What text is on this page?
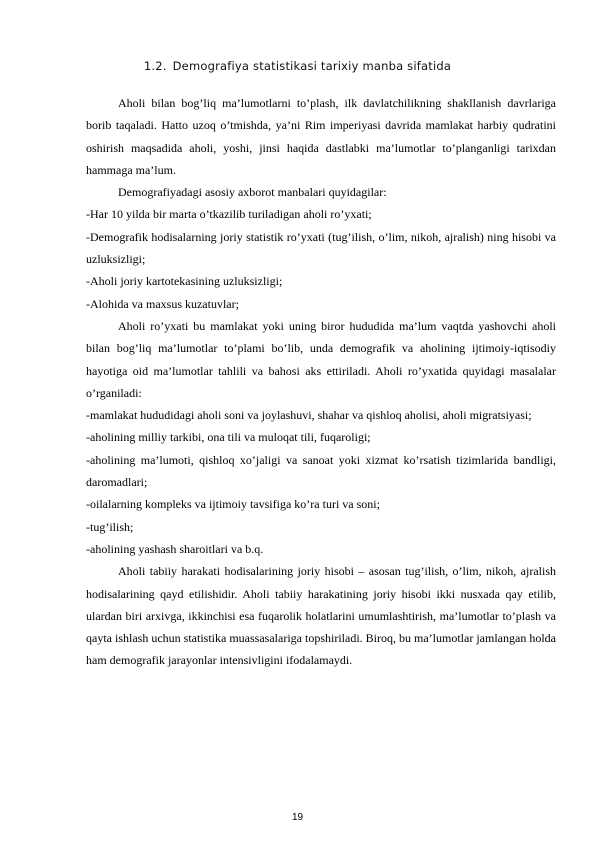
1.2. Demografiya statistikasi tarixiy manba sifatida

Aholi bilan bog’liq ma’lumotlarni to’plash, ilk davlatchilikning shakllanish davrlariga borib taqaladi. Hatto uzoq o’tmishda, ya’ni Rim imperiyasi davrida mamlakat harbiy qudratini oshirish maqsadida aholi, yoshi, jinsi haqida dastlabki ma’lumotlar to’planganligi tarixdan hammaga ma’lum.

Demografiyadagi asosiy axborot manbalari quyidagilar:

-Har 10 yilda bir marta o’tkazilib turiladigan aholi ro’yxati;

-Demografik hodisalarning joriy statistik ro’yxati (tug’ilish, o’lim, nikoh, ajralish) ning hisobi va uzluksizligi;

-Aholi joriy kartotekasining uzluksizligi;

-Alohida va maxsus kuzatuvlar;

Aholi ro’yxati bu mamlakat yoki uning biror hududida ma’lum vaqtda yashovchi aholi bilan bog’liq ma’lumotlar to’plami bo’lib, unda demografik va aholining ijtimoiy-iqtisodiy hayotiga oid ma’lumotlar tahlili va bahosi aks ettiriladi. Aholi ro’yxatida quyidagi masalalar o’rganiladi:

-mamlakat hududidagi aholi soni va joylashuvi, shahar va qishloq aholisi, aholi migratsiyasi;

-aholining milliy tarkibi, ona tili va muloqat tili, fuqaroligi;

-aholining ma’lumoti, qishloq xo’jaligi va sanoat yoki xizmat ko’rsatish tizimlarida bandligi, daromadlari;

-oilalarning kompleks va ijtimoiy tavsifiga ko’ra turi va soni;

-tug’ilish;

-aholining yashash sharoitlari va b.q.

Aholi tabiiy harakati hodisalarining joriy hisobi – asosan tug’ilish, o’lim, nikoh, ajralish hodisalarining qayd etilishidir. Aholi tabiiy harakatining joriy hisobi ikki nusxada qay etilib, ulardan biri arxivga, ikkinchisi esa fuqarolik holatlarini umumlashtirish, ma’lumotlar to’plash va qayta ishlash uchun statistika muassasalariga topshiriladi. Biroq, bu ma’lumotlar jamlangan holda ham demografik jarayonlar intensivligini ifodalamaydi.

19
